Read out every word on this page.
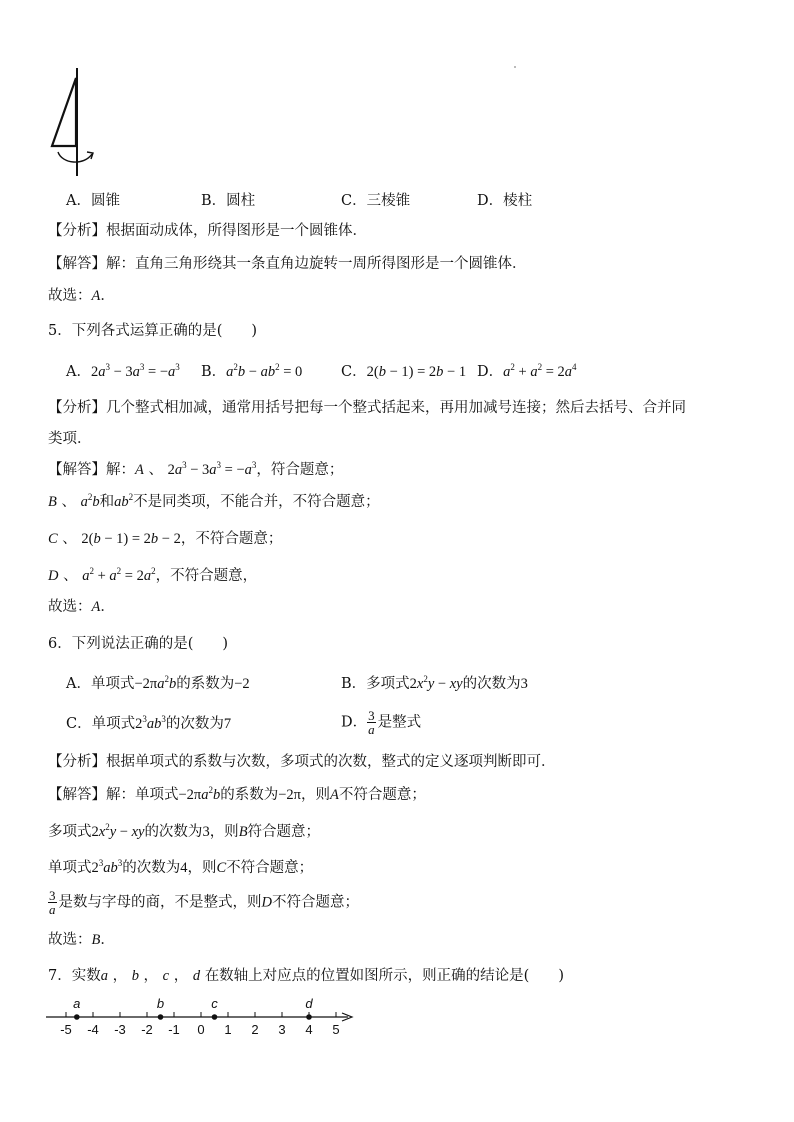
A．圆锥	B．圆柱	C．三棱锥	D．棱柱
【分析】根据面动成体，所得图形是一个圆锥体．
【解答】解：直角三角形绕其一条直角边旋转一周所得图形是一个圆锥体．
故选：A．
5．下列各式运算正确的是(　　)
A．$2a^3 - 3a^3 = -a^3$ B．$a^2b - ab^2 = 0$	C．2(b − 1) = 2b − 1 D．$a^2 + a^2 = 2a^4$
【分析】几个整式相加减，通常用括号把每一个整式括起来，再用加减号连接；然后去括号、合并同
类项．
【解答】解：A 、 $2a^3 - 3a^3 = -a^3$，符合题意；
B 、 $a^2b$和$ab^2$不是同类项，不能合并，不符合题意；
C 、 2(b − 1) = 2b − 2，不符合题意；
D 、 $a^2 + a^2 = 2a^2$，不符合题意，
故选：A．
6．下列说法正确的是(　　)
A．单项式$-2\pi a^2b$的系数为−2	B．多项式$2x^2y$ − xy的次数为3
C．单项式$2^3ab^3$的次数为7	D． $\frac{3}{a}$ 是整式
【分析】根据单项式的系数与次数，多项式的次数，整式的定义逐项判断即可．
【解答】解：单项式$-2\pi a^2b$的系数为−2π，则A不符合题意；
多项式$2x^2y$ − xy的次数为3，则B符合题意；
单项式$2^3ab^3$的次数为4，则C不符合题意；
$\frac{3}{a}$ 是数与字母的商，不是整式，则D不符合题意；
故选：B．
7．实数a ， b ， c ， d 在数轴上对应点的位置如图所示，则正确的结论是(　　)
-5 -4 -3 -2 -1 0 1 2 3 4 5
a	b	c	d
